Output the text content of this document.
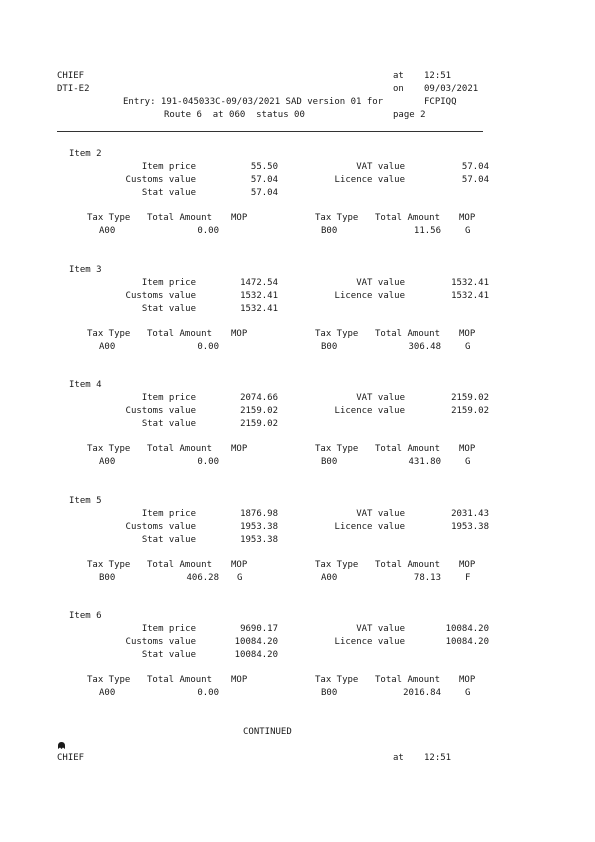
CHIEF	at 12:51
DTI-E2	on 09/03/2021
Entry: 191-045033C-09/03/2021 SAD version 01 for	FCPIQQ
Route 6  at 060  status 00	page 2
Item 2
Item price	55.50	VAT value	57.04
Customs value	57.04	Licence value	57.04
Stat value	57.04
Tax Type Total Amount MOP	Tax Type Total Amount MOP
A00	0.00	B00	11.56	G
Item 3
Item price	1472.54	VAT value	1532.41
Customs value	1532.41	Licence value	1532.41
Stat value	1532.41
Tax Type Total Amount MOP	Tax Type Total Amount MOP
A00	0.00	B00	306.48	G
Item 4
Item price	2074.66	VAT value	2159.02
Customs value	2159.02	Licence value	2159.02
Stat value	2159.02
Tax Type Total Amount MOP	Tax Type Total Amount MOP
A00	0.00	B00	431.80	G
Item 5
Item price	1876.98	VAT value	2031.43
Customs value	1953.38	Licence value	1953.38
Stat value	1953.38
Tax Type Total Amount MOP	Tax Type Total Amount MOP
B00	406.28 G	A00	78.13	F
Item 6
Item price	9690.17	VAT value	10084.20
Customs value	10084.20	Licence value	10084.20
Stat value	10084.20
Tax Type Total Amount MOP	Tax Type Total Amount MOP
A00	0.00	B00	2016.84	G
CONTINUED
CHIEF	at 12:51
